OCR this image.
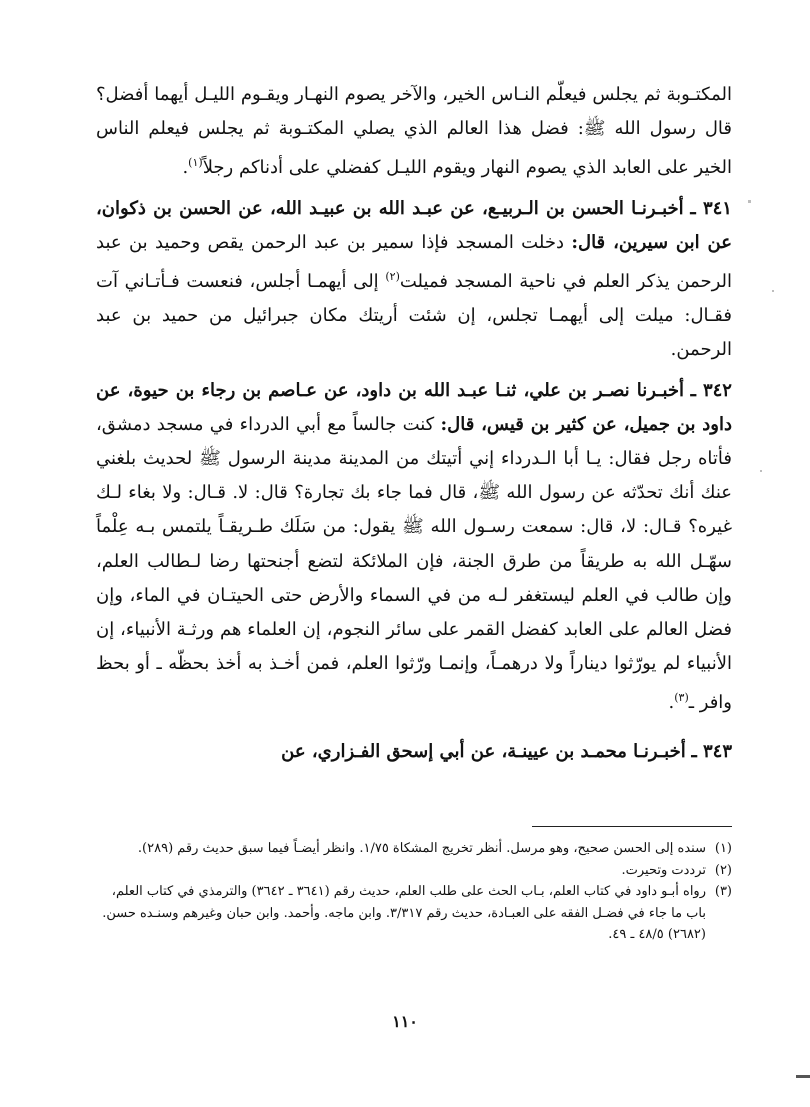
المكتـوبة ثم يجلس فيعلّم النـاس الخير، والآخر يصوم النهـار ويقـوم الليـل أيهما أفضل؟ قال رسول الله ﷺ: فضل هذا العالم الذي يصلي المكتـوبة ثم يجلس فيعلم الناس الخير على العابد الذي يصوم النهار ويقوم الليـل كفضلي على أدناكم رجلاً$^{(١)}$.

٣٤١ ـ أخبـرنـا الحسن بن الـربيـع، عن عبـد الله بن عبيـد الله، عن الحسن بن ذكوان، عن ابن سيرين، قال: دخلت المسجد فإذا سمير بن عبد الرحمن يقص وحميد بن عبد الرحمن يذكر العلم في ناحية المسجد فميلت$^{(٢)}$ إلى أيهمـا أجلس، فنعست فـأتـاني آت فقـال: ميلت إلى أيهمـا تجلس، إن شئت أريتك مكان جبرائيل من حميد بن عبد الرحمن.

٣٤٢ ـ أخبـرنا نصـر بن علي، ثنـا عبـد الله بن داود، عن عـاصم بن رجاء بن حيوة، عن داود بن جميل، عن كثير بن قيس، قال: كنت جالساً مع أبي الدرداء في مسجد دمشق، فأتاه رجل فقال: يـا أبا الـدرداء إني أتيتك من المدينة مدينة الرسول ﷺ لحديث بلغني عنك أنك تحدّثه عن رسول الله ﷺ، قال فما جاء بك تجارة؟ قال: لا. قـال: ولا بغاء لـك غيره؟ قـال: لا، قال: سمعت رسـول الله ﷺ يقول: من سَلَك طـريقـاً يلتمس بـه عِلْماً سهّـل الله به طريقاً من طرق الجنة، فإن الملائكة لتضع أجنحتها رضا لـطالب العلم، وإن طالب في العلم ليستغفر لـه من في السماء والأرض حتى الحيتـان في الماء، وإن فضل العالم على العابد كفضل القمر على سائر النجوم، إن العلماء هم ورثـة الأنبياء، إن الأنبياء لم يورّثوا ديناراً ولا درهمـاً، وإنمـا ورّثوا العلم، فمن أخـذ به أخذ بحظّه ـ أو بحظ وافر ـ$^{(٣)}$.

٣٤٣ ـ أخبـرنـا محمـد بن عيينـة، عن أبي إسحق الفـزاري، عن

(١)
سنده إلى الحسن صحيح، وهو مرسل. أنظر تخريج المشكاة ١/٧٥. وانظر أيضـاً فيما سبق حديث رقم (٢٨٩).
(٢)
ترددت وتحيرت.
(٣)
رواه أبـو داود في كتاب العلم، بـاب الحث على طلب العلم، حديث رقم (٣٦٤١ ـ ٣٦٤٢) والترمذي في كتاب العلم، باب ما جاء في فضـل الفقه على العبـادة، حديث رقم ٣/٣١٧. وابن ماجه. وأحمد. وابن حبان وغيرهم وسنـده حسن. (٢٦٨٢) ٤٨/٥ ـ ٤٩.
١١٠
